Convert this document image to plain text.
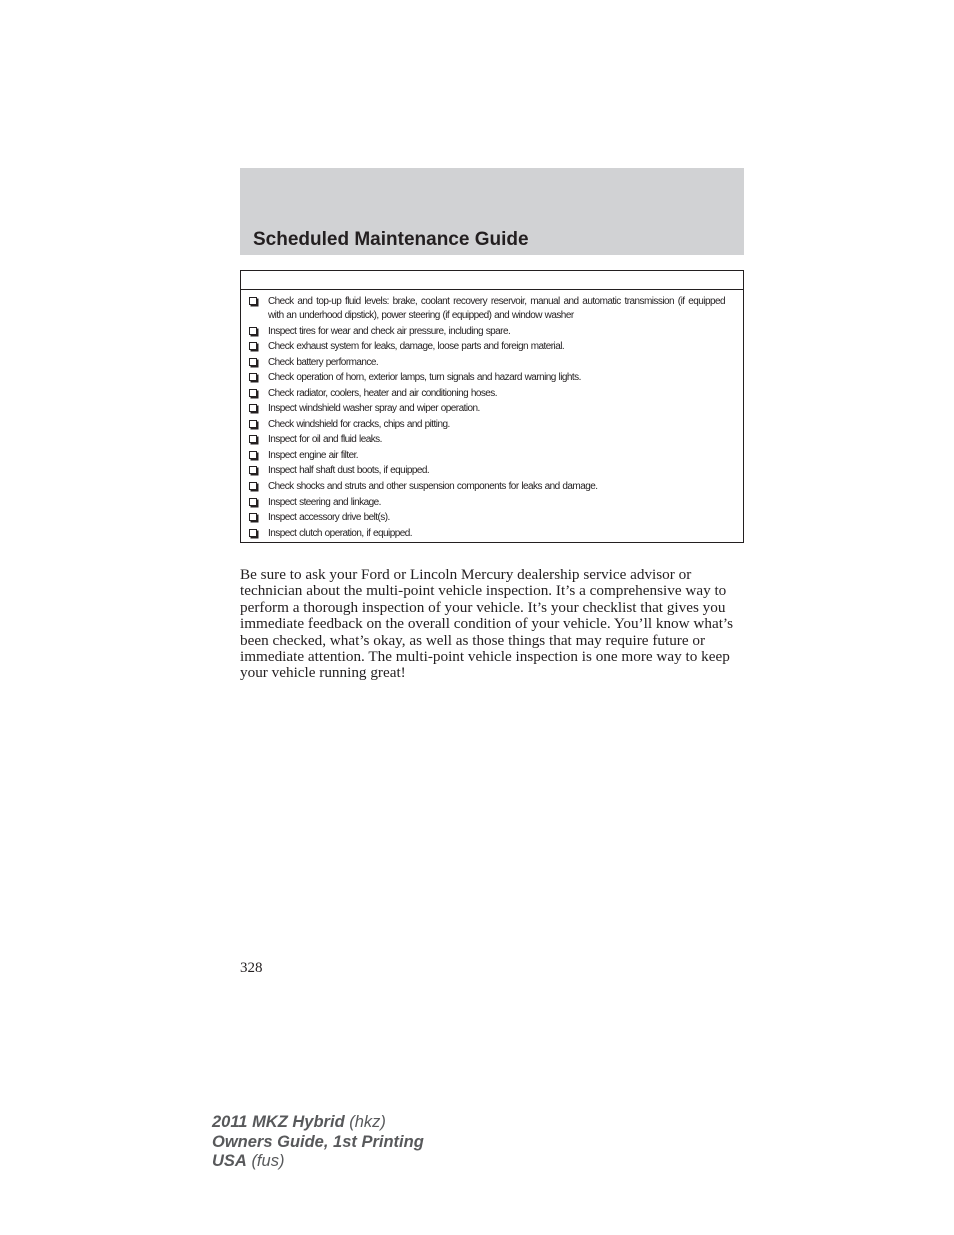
Scheduled Maintenance Guide
Check and top-up fluid levels: brake, coolant recovery reservoir, manual and automatic transmission (if equipped with an underhood dipstick), power steering (if equipped) and window washer
Inspect tires for wear and check air pressure, including spare.
Check exhaust system for leaks, damage, loose parts and foreign material.
Check battery performance.
Check operation of horn, exterior lamps, turn signals and hazard warning lights.
Check radiator, coolers, heater and air conditioning hoses.
Inspect windshield washer spray and wiper operation.
Check windshield for cracks, chips and pitting.
Inspect for oil and fluid leaks.
Inspect engine air filter.
Inspect half shaft dust boots, if equipped.
Check shocks and struts and other suspension components for leaks and damage.
Inspect steering and linkage.
Inspect accessory drive belt(s).
Inspect clutch operation, if equipped.

Be sure to ask your Ford or Lincoln Mercury dealership service advisor or technician about the multi-point vehicle inspection. It’s a comprehensive way to perform a thorough inspection of your vehicle. It’s your checklist that gives you immediate feedback on the overall condition of your vehicle. You’ll know what’s been checked, what’s okay, as well as those things that may require future or immediate attention. The multi-point vehicle inspection is one more way to keep your vehicle running great!

328

2011 MKZ Hybrid (hkz)
Owners Guide, 1st Printing
USA (fus)
